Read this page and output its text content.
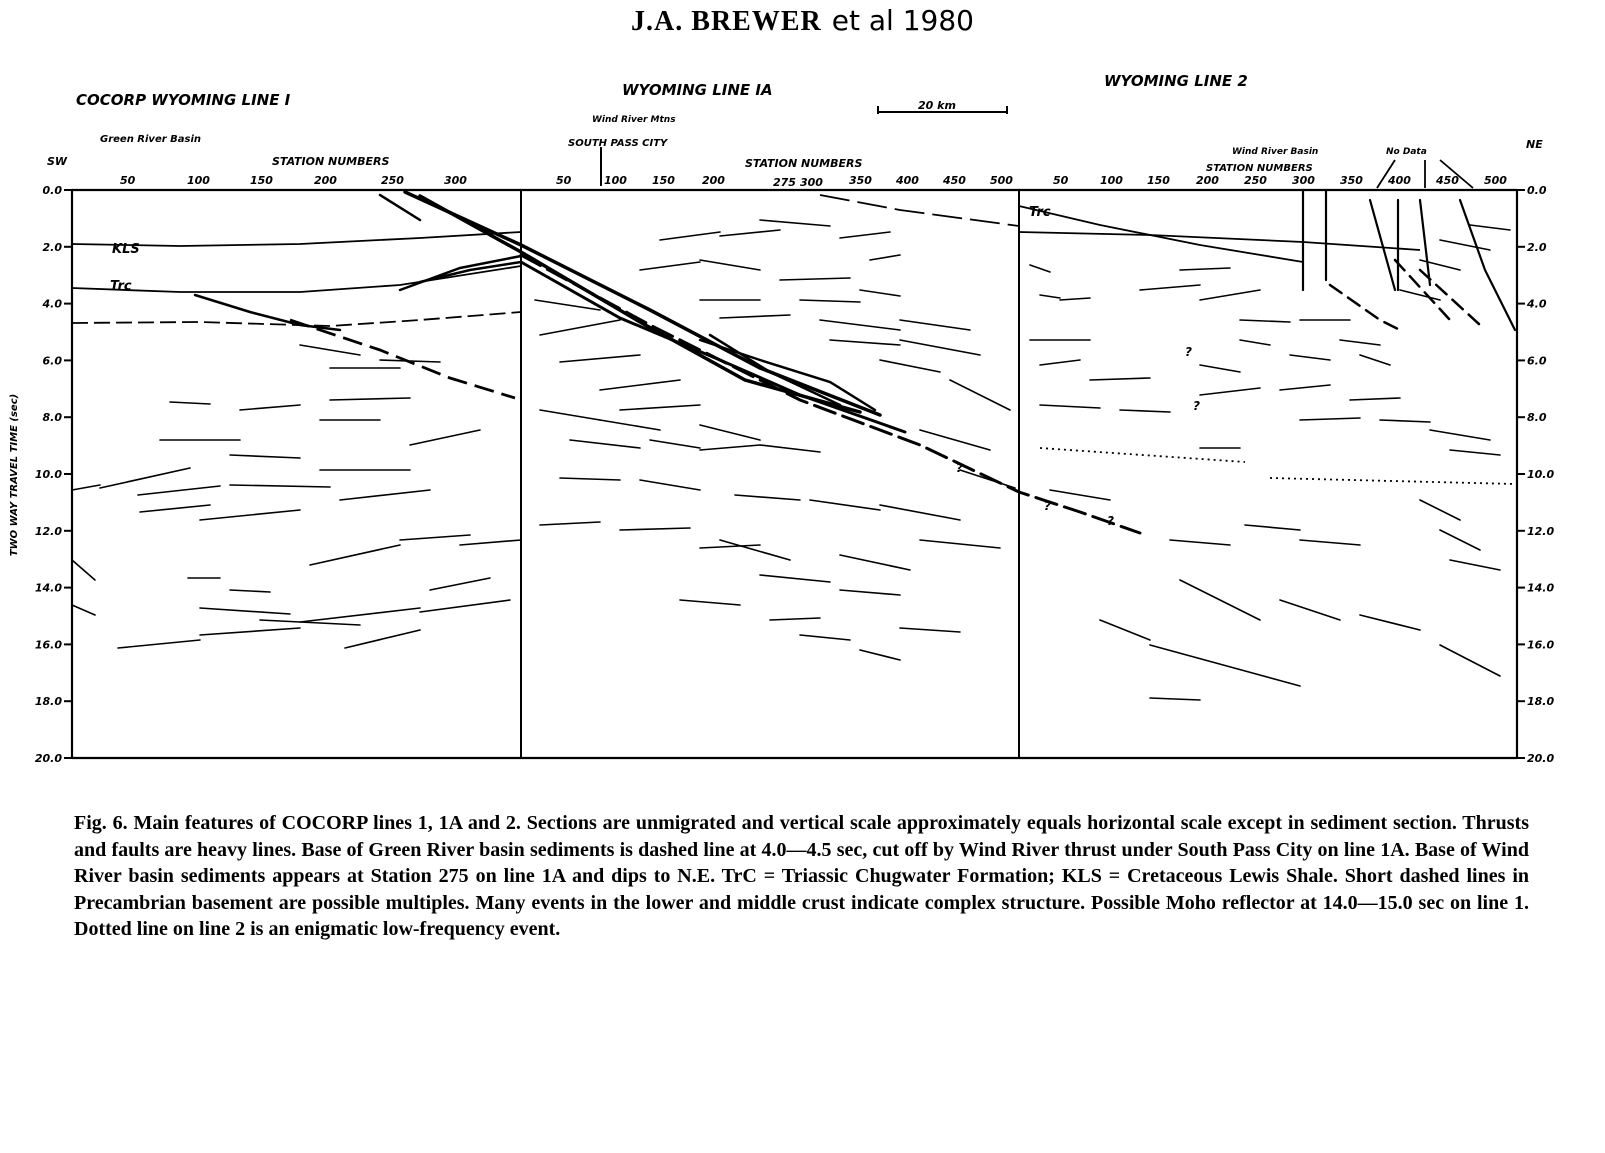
J.A. BREWER et al 1980
0.0
2.0
4.0
6.0
8.0
10.0
12.0
14.0
16.0
18.0
20.0
0.0
2.0
4.0
6.0
8.0
10.0
12.0
14.0
16.0
18.0
20.0
TWO WAY TRAVEL TIME (sec)
COCORP WYOMING LINE I
Green River Basin
STATION NUMBERS
SW
WYOMING LINE IA
Wind River Mtns
SOUTH PASS CITY
STATION NUMBERS
20 km
WYOMING LINE 2
Wind River Basin	No Data
STATION NUMBERS
NE
50	100	150	200	250	300	50	100 150 200	275 300 350 400 450 500	50	100 150 200 250 300 350 400 450 500
KLS
Trc
Trc
?
?
?
?
?
Fig. 6. Main features of COCORP lines 1, 1A and 2. Sections are unmigrated and vertical scale approximately equals horizontal scale except in sediment section. Thrusts and faults are heavy lines. Base of Green River basin sediments is dashed line at 4.0—4.5 sec, cut off by Wind River thrust under South Pass City on line 1A. Base of Wind River basin sediments appears at Station 275 on line 1A and dips to N.E. TrC = Triassic Chugwater Formation; KLS = Cretaceous Lewis Shale. Short dashed lines in Precambrian basement are possible multiples. Many events in the lower and middle crust indicate complex structure. Possible Moho reflector at 14.0—15.0 sec on line 1. Dotted line on line 2 is an enigmatic low-frequency event.
